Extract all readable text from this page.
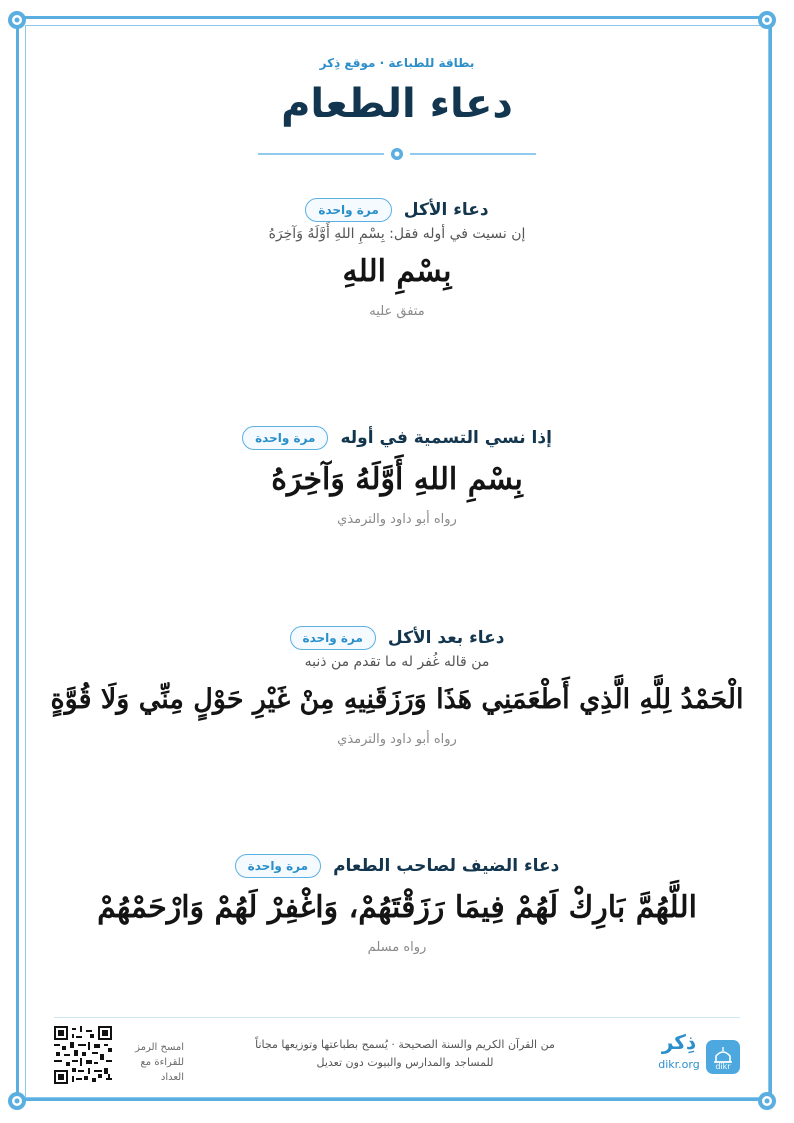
بطاقة للطباعة · موقع ذِكر
دعاء الطعام
دعاء الأكل
مرة واحدة
إن نسيت في أوله فقل: بِسْمِ اللهِ أَوَّلَهُ وَآخِرَهُ
بِسْمِ اللهِ
متفق عليه
إذا نسي التسمية في أوله
مرة واحدة
بِسْمِ اللهِ أَوَّلَهُ وَآخِرَهُ
رواه أبو داود والترمذي
دعاء بعد الأكل
مرة واحدة
من قاله غُفر له ما تقدم من ذنبه
الْحَمْدُ لِلَّهِ الَّذِي أَطْعَمَنِي هَذَا وَرَزَقَنِيهِ مِنْ غَيْرِ حَوْلٍ مِنِّي وَلَا قُوَّةٍ
رواه أبو داود والترمذي
دعاء الضيف لصاحب الطعام
مرة واحدة
اللَّهُمَّ بَارِكْ لَهُمْ فِيمَا رَزَقْتَهُمْ، وَاغْفِرْ لَهُمْ وَارْحَمْهُمْ
رواه مسلم
امسح الرمز
للقراءة مع العداد
من القرآن الكريم والسنة الصحيحة · يُسمح بطباعتها وتوزيعها مجاناً
للمساجد والمدارس والبيوت دون تعديل
ذِكر
dikr.org	dikr
